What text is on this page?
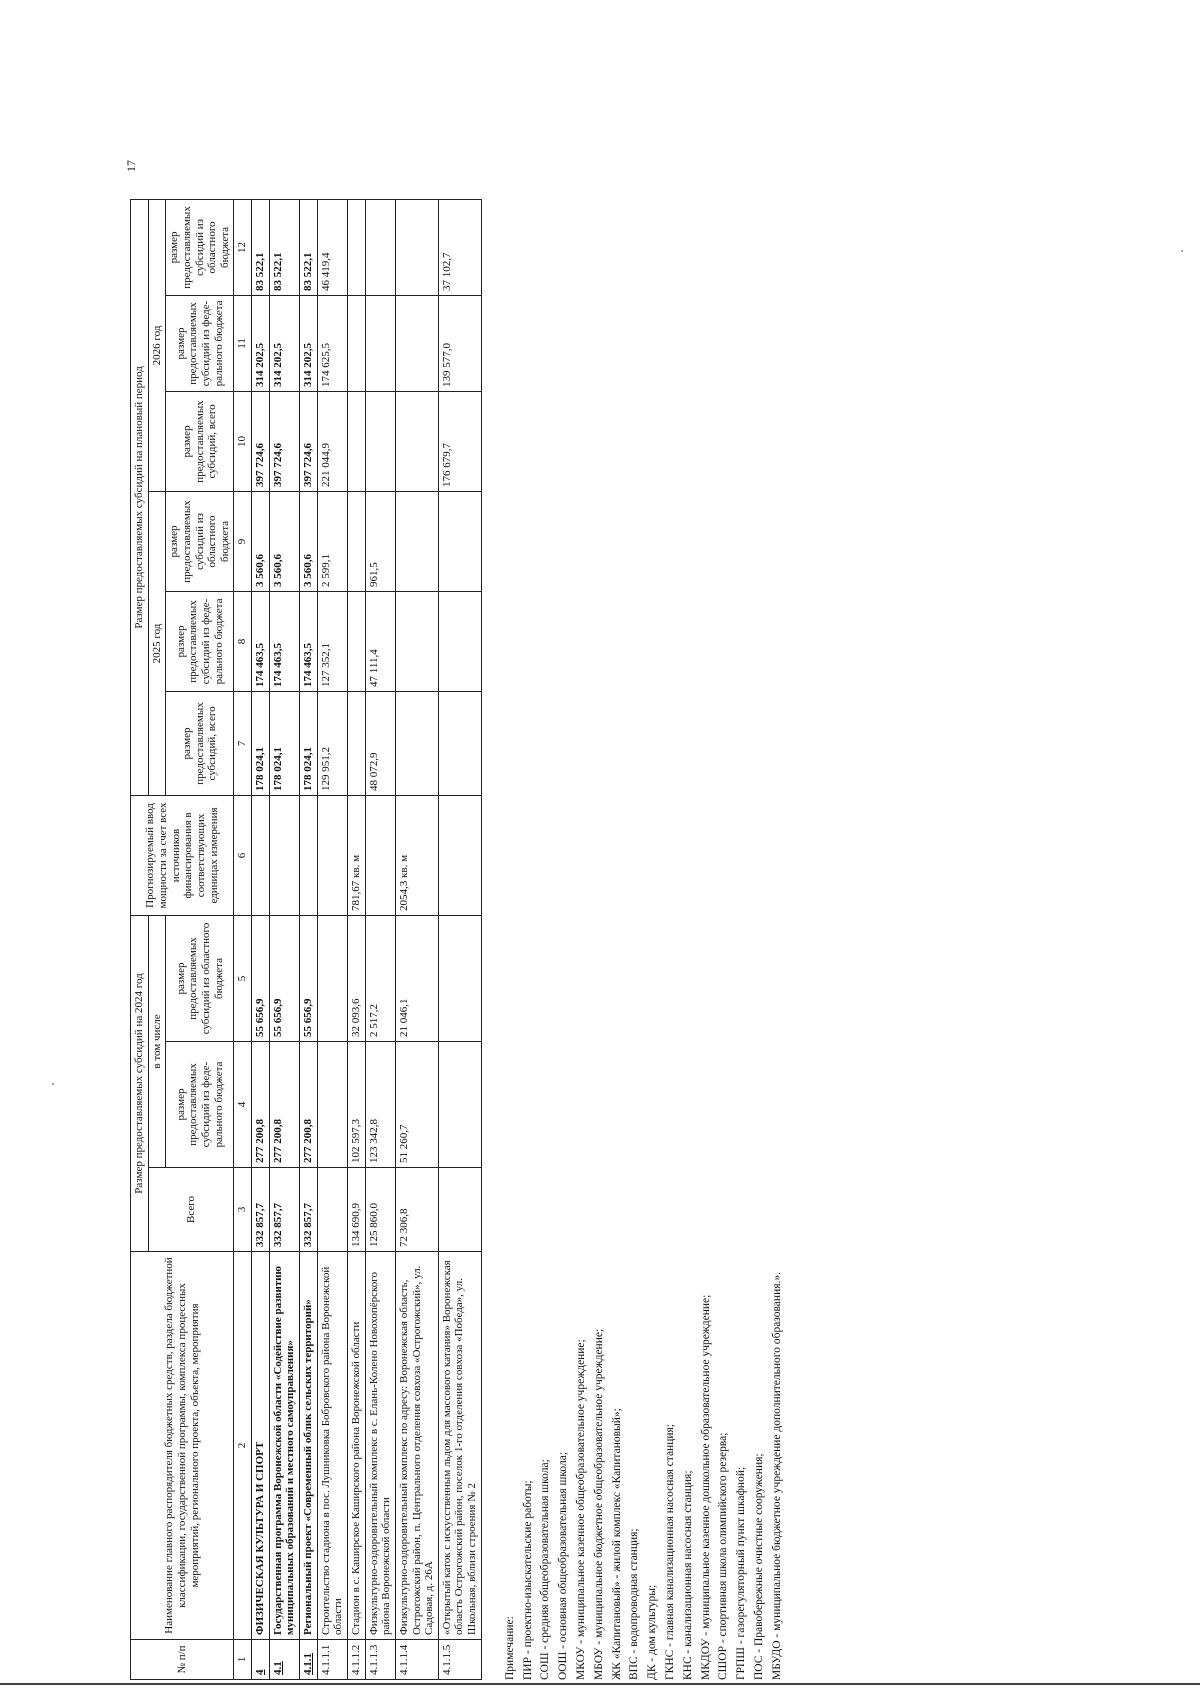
17
№ п/п	Наименование главного распорядителя бюджетных средств, раздела бюджетной классификации, государственной программы, комплекса процессных мероприятий, регионального проекта, объекта, мероприятия	Размер предоставляемых субсидий на 2024 год			Прогнозируемый ввод мощности за счет всех источников финансирования в соответствующих единицах измерения	Размер предоставляемых субсидий на плановый период					
		Всего	в том числе			2025 год			2026 год		
			размер предоставляемых субсидий из феде-рального бюджета	размер предоставляемых субсидий из областного бюджета		размер предоставляемых субсидий, всего	размер предоставляемых субсидий из феде-рального бюджета	размер предоставляемых субсидий из областного бюджета	размер предоставляемых субсидий, всего	размер предоставляемых субсидий из феде-рального бюджета	размер предоставляемых субсидий из областного бюджета

1	2	3	4	5	6	7	8	9	10	11	12
4	ФИЗИЧЕСКАЯ КУЛЬТУРА И СПОРТ	332 857,7	277 200,8	55 656,9		178 024,1	174 463,5	3 560,6	397 724,6	314 202,5	83 522,1
4.1	Государственная программа Воронежской области «Содействие развитию муниципальных образований и местного самоуправления»	332 857,7	277 200,8	55 656,9		178 024,1	174 463,5	3 560,6	397 724,6	314 202,5	83 522,1
4.1.1	Региональный проект «Современный облик сельских территорий»	332 857,7	277 200,8	55 656,9		178 024,1	174 463,5	3 560,6	397 724,6	314 202,5	83 522,1
4.1.1.1	Строительство стадиона в пос. Лушниковка Бобровского района Воронежской области					129 951,2	127 352,1	2 599,1	221 044,9	174 625,5	46 419,4
4.1.1.2	Стадион в с. Каширское Каширского района Воронежской области	134 690,9	102 597,3	32 093,6	781,67 кв. м						
4.1.1.3	Физкультурно-оздоровительный комплекс в с. Елань-Колено Новохопёрского района Воронежской области	125 860,0	123 342,8	2 517,2		48 072,9	47 111,4	961,5			
4.1.1.4	Физкультурно-оздоровительный комплекс по адресу: Воронежская область, Острогожский район, п. Центрального отделения совхоза «Острогожский», ул. Садовая, д. 26А	72 306,8	51 260,7	21 046,1	2054,3 кв. м						
4.1.1.5	«Открытый каток с искусственным льдом для массового катания» Воронежская область Острогожский район, поселок 1-го отделения совхоза «Победа», ул. Школьная, вблизи строения № 2								176 679,7	139 577,0	37 102,7
Примечание: ПИР - проектно-изыскательские работы; СОШ - средняя общеобразовательная школа; ООШ - основная общеобразовательная школа; МКОУ - муниципальное казенное общеобразовательное учреждение; МБОУ - муниципальное бюджетное общеобразовательное учреждение; ЖК «Капитановый» - жилой комплекс «Капитановый»; ВПС - водопроводная станция; ДК - дом культуры; ГКНС - главная канализационная насосная станция; КНС - канализационная насосная станция; МКДОУ - муниципальное казенное дошкольное образовательное учреждение; СШОР - спортивная школа олимпийского резерва; ГРПШ - газорегуляторный пункт шкафной; ПОС - Правобережные очистные сооружения; МБУДО - муниципальное бюджетное учреждение дополнительного образования.».
